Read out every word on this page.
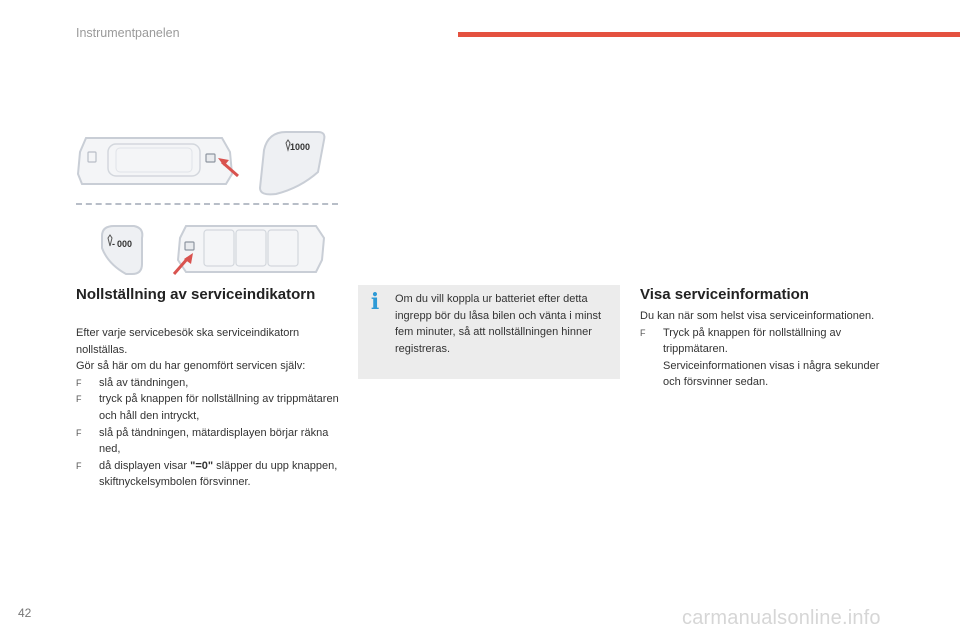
Instrumentpanelen
1000
- 000
Nollställning av serviceindikatorn

Efter varje servicebesök ska serviceindikatorn nollställas.

Gör så här om du har genomfört servicen själv:

F slå av tändningen,
F tryck på knappen för nollställning av trippmätaren och håll den intryckt,
F slå på tändningen, mätardisplayen börjar räkna ned,
F då displayen visar "=0" släpper du upp knappen, skiftnyckelsymbolen försvinner.
i	Om du vill koppla ur batteriet efter detta ingrepp bör du låsa bilen och vänta i minst fem minuter, så att nollställningen hinner registreras.
Visa serviceinformation

Du kan när som helst visa serviceinformationen.

F Tryck på knappen för nollställning av trippmätaren.
Serviceinformationen visas i några sekunder och försvinner sedan.
42	carmanualsonline.info
